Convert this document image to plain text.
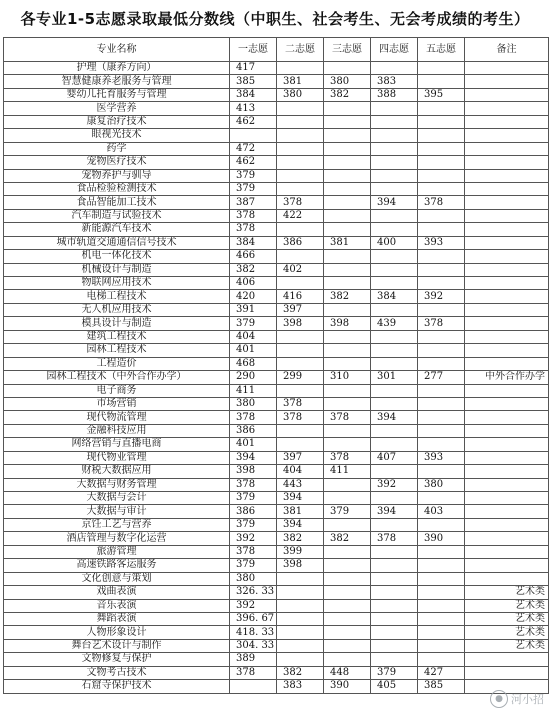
各专业1-5志愿录取最低分数线（中职生、社会考生、无会考成绩的考生）
专业名称	一志愿	二志愿	三志愿	四志愿	五志愿	备注
护理（康养方向）	417					
智慧健康养老服务与管理	385	381	380	383		
婴幼儿托育服务与管理	384	380	382	388	395	
医学营养	413					
康复治疗技术	462					
眼视光技术						
药学	472					
宠物医疗技术	462					
宠物养护与驯导	379					
食品检验检测技术	379					
食品智能加工技术	387	378		394	378	
汽车制造与试验技术	378	422				
新能源汽车技术	378					
城市轨道交通通信信号技术	384	386	381	400	393	
机电一体化技术	466					
机械设计与制造	382	402				
物联网应用技术	406					
电梯工程技术	420	416	382	384	392	
无人机应用技术	391	397				
模具设计与制造	379	398	398	439	378	
建筑工程技术	404					
园林工程技术	401					
工程造价	468					
园林工程技术（中外合作办学）	290	299	310	301	277	中外合作办学
电子商务	411					
市场营销	380	378				
现代物流管理	378	378	378	394		
金融科技应用	386					
网络营销与直播电商	401					
现代物业管理	394	397	378	407	393	
财税大数据应用	398	404	411			
大数据与财务管理	378	443		392	380	
大数据与会计	379	394				
大数据与审计	386	381	379	394	403	
京饪工艺与营养	379	394				
酒店管理与数字化运营	392	382	382	378	390	
旅游管理	378	399				
高速铁路客运服务	379	398				
文化创意与策划	380					
戏曲表演	326. 33					艺术类
音乐表演	392					艺术类
舞蹈表演	396. 67					艺术类
人物形象设计	418. 33					艺术类
舞台艺术设计与制作	304. 33					艺术类
文物修复与保护	389					
文物考古技术	378	382	448	379	427	
石窟寺保护技术		383	390	405	385	
● 河小招
